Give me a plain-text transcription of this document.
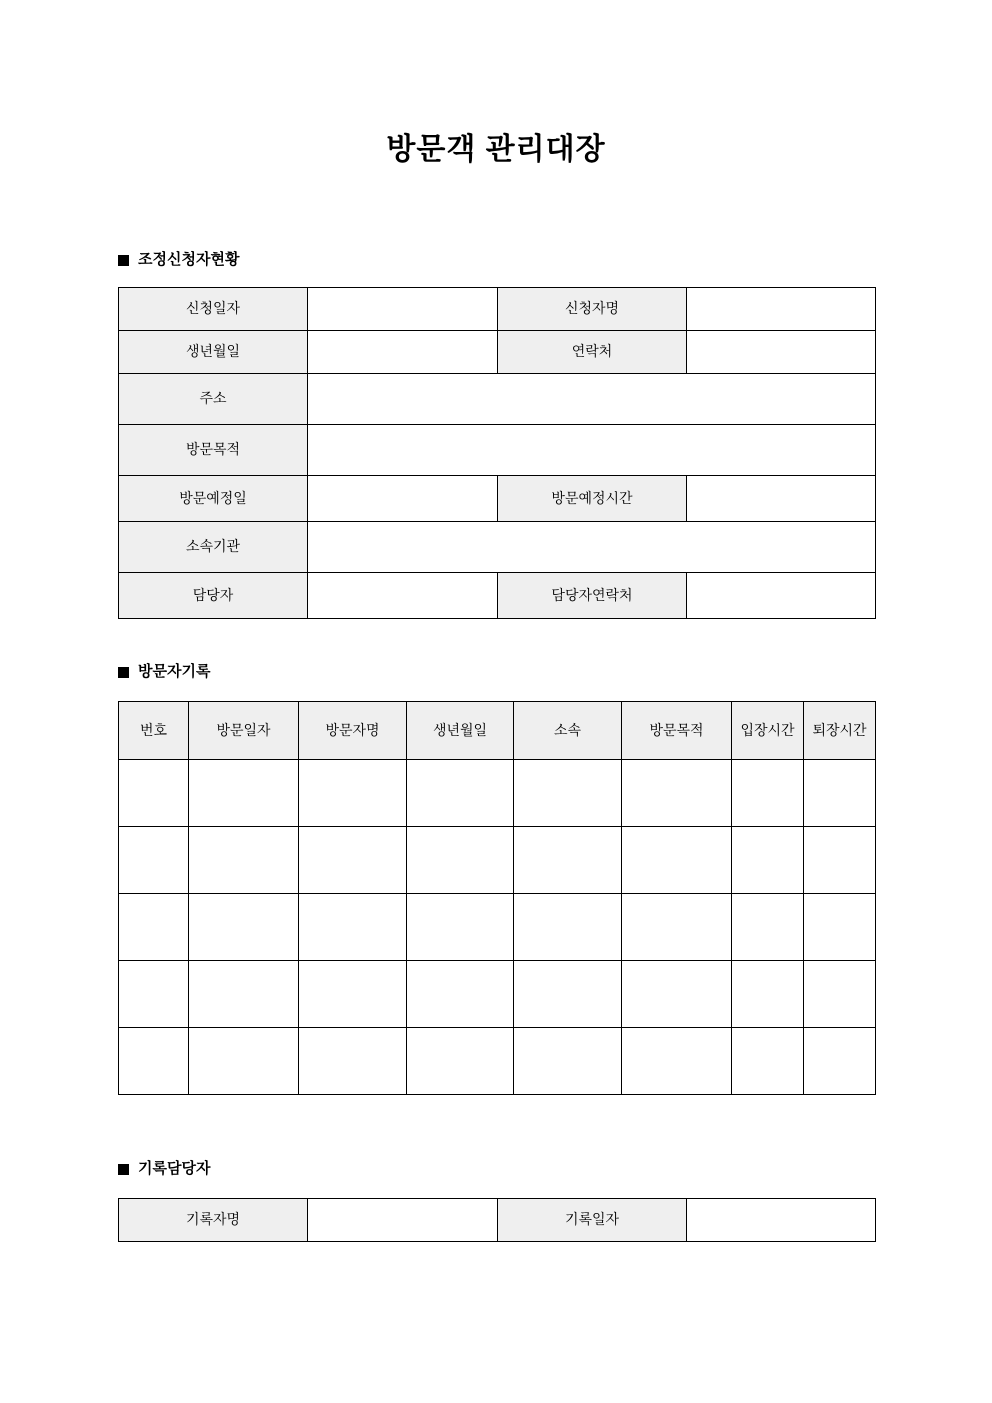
방문객 관리대장
조정신청자현황
신청일자		신청자명	
생년월일		연락처	
주소			
방문목적			
방문예정일		방문예정시간	
소속기관			
담당자		담당자연락처	
방문자기록
번호	방문일자	방문자명	생년월일	소속	방문목적	입장시간	퇴장시간

기록담당자
기록자명		기록일자	
